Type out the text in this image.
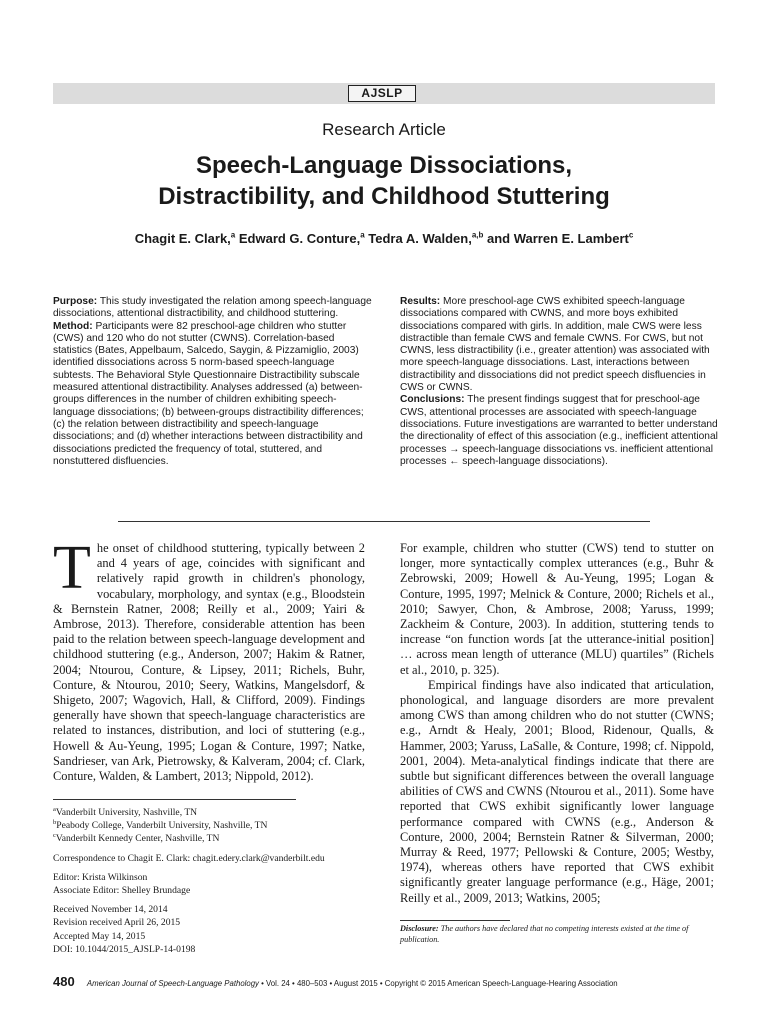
AJSLP
Research Article
Speech-Language Dissociations,
Distractibility, and Childhood Stuttering
Chagit E. Clark,$^a$ Edward G. Conture,$^a$ Tedra A. Walden,$^{a,b}$ and Warren E. Lambert$^c$

Purpose: This study investigated the relation among speech-language dissociations, attentional distractibility, and childhood stuttering.

Method: Participants were 82 preschool-age children who stutter (CWS) and 120 who do not stutter (CWNS). Correlation-based statistics (Bates, Appelbaum, Salcedo, Saygin, & Pizzamiglio, 2003) identified dissociations across 5 norm-based speech-language subtests. The Behavioral Style Questionnaire Distractibility subscale measured attentional distractibility. Analyses addressed (a) between-groups differences in the number of children exhibiting speech-language dissociations; (b) between-groups distractibility differences; (c) the relation between distractibility and speech-language dissociations; and (d) whether interactions between distractibility and dissociations predicted the frequency of total, stuttered, and nonstuttered disfluencies.

Results: More preschool-age CWS exhibited speech-language dissociations compared with CWNS, and more boys exhibited dissociations compared with girls. In addition, male CWS were less distractible than female CWS and female CWNS. For CWS, but not CWNS, less distractibility (i.e., greater attention) was associated with more speech-language dissociations. Last, interactions between distractibility and dissociations did not predict speech disfluencies in CWS or CWNS.

Conclusions: The present findings suggest that for preschool-age CWS, attentional processes are associated with speech-language dissociations. Future investigations are warranted to better understand the directionality of effect of this association (e.g., inefficient attentional processes → speech-language dissociations vs. inefficient attentional processes ← speech-language dissociations).

The onset of childhood stuttering, typically between 2 and 4 years of age, coincides with significant and relatively rapid growth in children's phonology, vocabulary, morphology, and syntax (e.g., Bloodstein & Bernstein Ratner, 2008; Reilly et al., 2009; Yairi & Ambrose, 2013). Therefore, considerable attention has been paid to the relation between speech-language development and childhood stuttering (e.g., Anderson, 2007; Hakim & Ratner, 2004; Ntourou, Conture, & Lipsey, 2011; Richels, Buhr, Conture, & Ntourou, 2010; Seery, Watkins, Mangelsdorf, & Shigeto, 2007; Wagovich, Hall, & Clifford, 2009). Findings generally have shown that speech-language characteristics are related to instances, distribution, and loci of stuttering (e.g., Howell & Au-Yeung, 1995; Logan & Conture, 1997; Natke, Sandrieser, van Ark, Pietrowsky, & Kalveram, 2004; cf. Clark, Conture, Walden, & Lambert, 2013; Nippold, 2012).

$^a$Vanderbilt University, Nashville, TN
$^b$Peabody College, Vanderbilt University, Nashville, TN
$^c$Vanderbilt Kennedy Center, Nashville, TN
Correspondence to Chagit E. Clark: chagit.edery.clark@vanderbilt.edu
Editor: Krista Wilkinson
Associate Editor: Shelley Brundage
Received November 14, 2014
Revision received April 26, 2015
Accepted May 14, 2015
DOI: 10.1044/2015_AJSLP-14-0198

For example, children who stutter (CWS) tend to stutter on longer, more syntactically complex utterances (e.g., Buhr & Zebrowski, 2009; Howell & Au-Yeung, 1995; Logan & Conture, 1995, 1997; Melnick & Conture, 2000; Richels et al., 2010; Sawyer, Chon, & Ambrose, 2008; Yaruss, 1999; Zackheim & Conture, 2003). In addition, stuttering tends to increase “on function words [at the utterance-initial position] … across mean length of utterance (MLU) quartiles” (Richels et al., 2010, p. 325).

Empirical findings have also indicated that articulation, phonological, and language disorders are more prevalent among CWS than among children who do not stutter (CWNS; e.g., Arndt & Healy, 2001; Blood, Ridenour, Qualls, & Hammer, 2003; Yaruss, LaSalle, & Conture, 1998; cf. Nippold, 2001, 2004). Meta-analytical findings indicate that there are subtle but significant differences between the overall language abilities of CWS and CWNS (Ntourou et al., 2011). Some have reported that CWS exhibit significantly lower language performance compared with CWNS (e.g., Anderson & Conture, 2000, 2004; Bernstein Ratner & Silverman, 2000; Murray & Reed, 1977; Pellowski & Conture, 2005; Westby, 1974), whereas others have reported that CWS exhibit significantly greater language performance (e.g., Häge, 2001; Reilly et al., 2009, 2013; Watkins, 2005;

Disclosure: The authors have declared that no competing interests existed at the time of publication.
480 American Journal of Speech-Language Pathology • Vol. 24 • 480–503 • August 2015 • Copyright © 2015 American Speech-Language-Hearing Association
